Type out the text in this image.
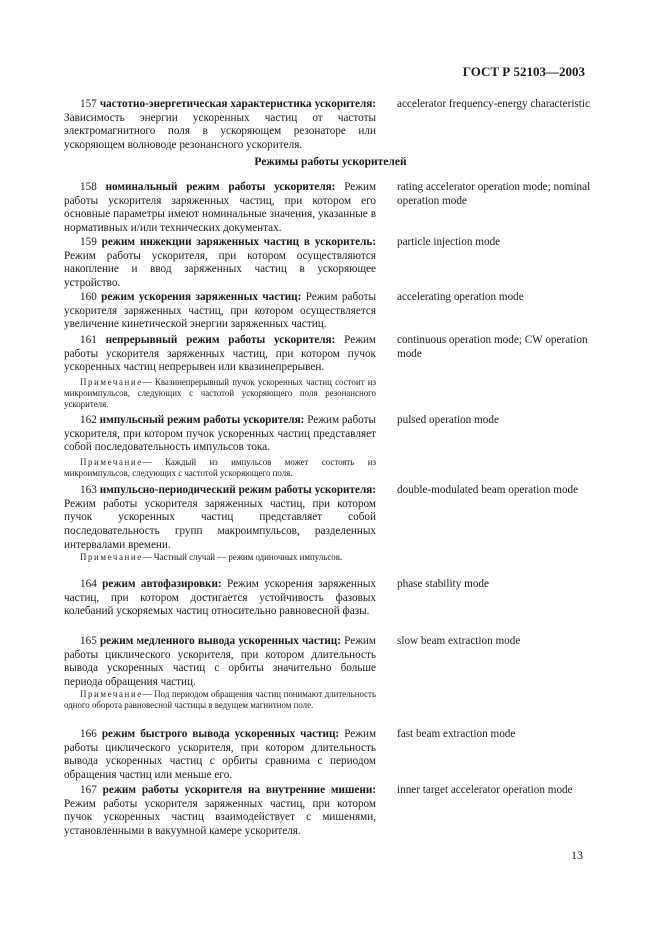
ГОСТ Р 52103—2003
157 частотно-энергетическая характеристика ускорителя: Зависимость энергии ускоренных частиц от частоты электромагнитного поля в ускоряющем резонаторе или ускоряющем волноводе резонансного ускорителя.
accelerator frequency-energy characteristic
Режимы работы ускорителей
158 номинальный режим работы ускорителя: Режим работы ускорителя заряженных частиц, при котором его основные параметры имеют номинальные значения, указанные в нормативных и/или технических документах.
rating accelerator operation mode; nominal operation mode
159 режим инжекции заряженных частиц в ускоритель: Режим работы ускорителя, при котором осуществляются накопление и ввод заряженных частиц в ускоряющее устройство.
particle injection mode
160 режим ускорения заряженных частиц: Режим работы ускорителя заряженных частиц, при котором осуществляется увеличение кинетической энергии заряженных частиц.
accelerating operation mode
161 непрерывный режим работы ускорителя: Режим работы ускорителя заряженных частиц, при котором пучок ускоренных частиц непрерывен или квазинепрерывен.
continuous operation mode; CW operation mode
Примечание— Квазинепрерывный пучок ускоренных частиц состоит из микроимпульсов, следующих с частотой ускоряющего поля резонансного ускорителя.
162 импульсный режим работы ускорителя: Режим работы ускорителя, при котором пучок ускоренных частиц представляет собой последовательность импульсов тока.
pulsed operation mode
Примечание— Каждый из импульсов может состоять из микроимпульсов, следующих с частотой ускоряющего поля.
163 импульсно-периодический режим работы ускорителя: Режим работы ускорителя заряженных частиц, при котором пучок ускоренных частиц представляет собой последовательность групп макроимпульсов, разделенных интервалами времени.
double-modulated beam operation mode
Примечание— Частный случай — режим одиночных импульсов.
164 режим автофазировки: Режим ускорения заряженных частиц, при котором достигается устойчивость фазовых колебаний ускоряемых частиц относительно равновесной фазы.
phase stability mode
165 режим медленного вывода ускоренных частиц: Режим работы циклического ускорителя, при котором длительность вывода ускоренных частиц с орбиты значительно больше периода обращения частиц.
slow beam extraction mode
Примечание— Под периодом обращения частиц понимают длительность одного оборота равновесной частицы в ведущем магнитном поле.
166 режим быстрого вывода ускоренных частиц: Режим работы циклического ускорителя, при котором длительность вывода ускоренных частиц с орбиты сравнима с периодом обращения частиц или меньше его.
fast beam extraction mode
167 режим работы ускорителя на внутренние мишени: Режим работы ускорителя заряженных частиц, при котором пучок ускоренных частиц взаимодействует с мишенями, установленными в вакуумной камере ускорителя.
inner target accelerator operation mode
13
